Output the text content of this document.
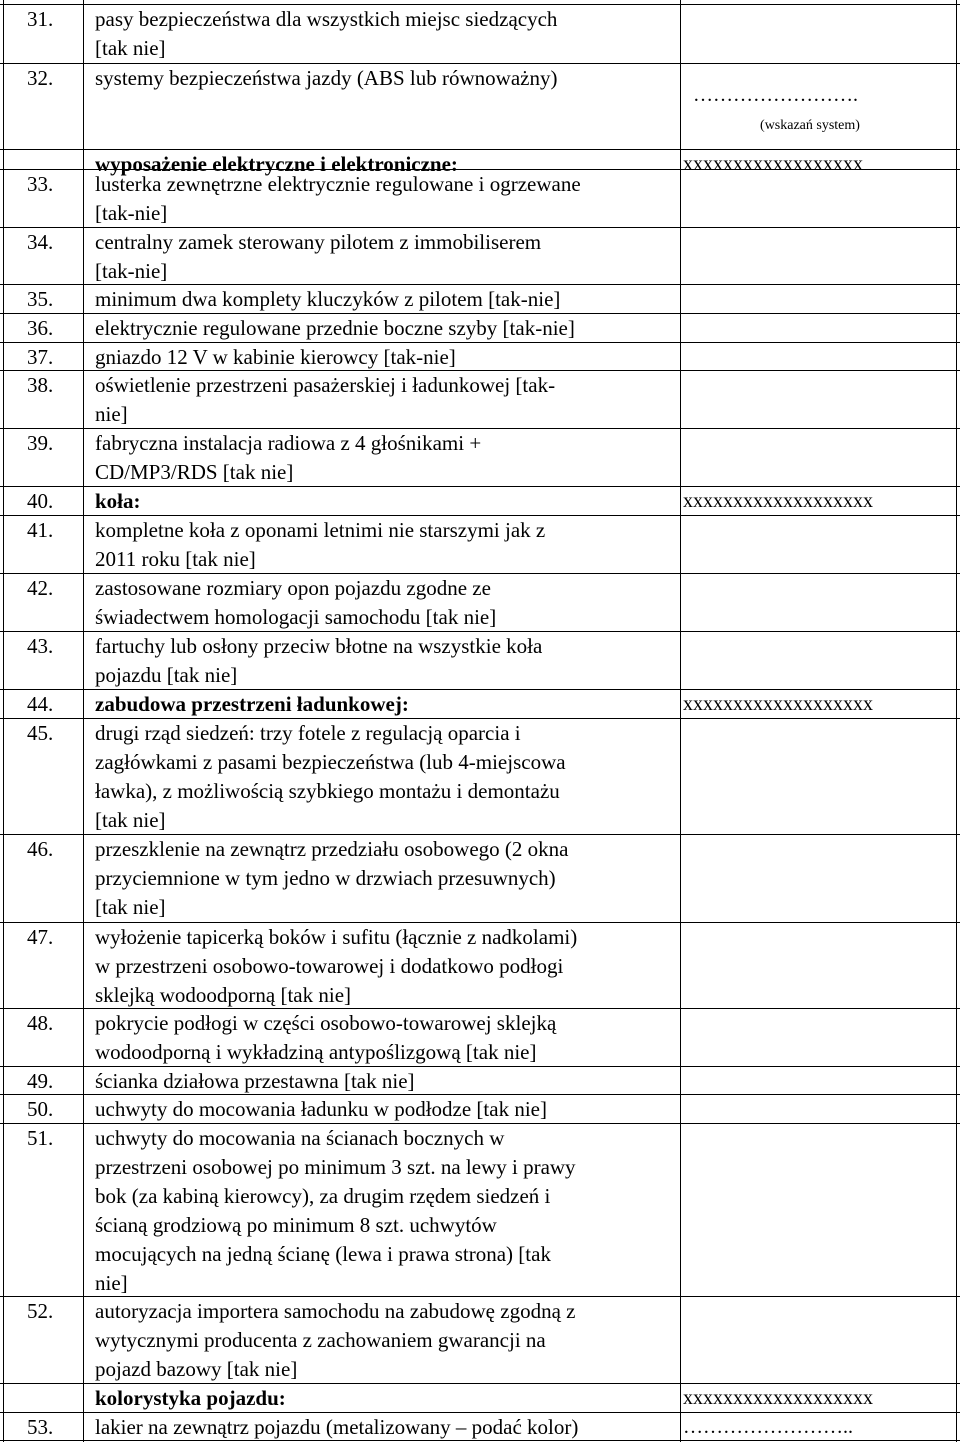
31. pasy bezpieczeństwa dla wszystkich miejsc siedzących
[tak nie]
32. systemy bezpieczeństwa jazdy (ABS lub równoważny)
…………………….
(wskazań system)
wyposażenie elektryczne i elektroniczne:	xxxxxxxxxxxxxxxxxx
33. lusterka zewnętrzne elektrycznie regulowane i ogrzewane
[tak-nie]
34. centralny zamek sterowany pilotem z immobiliserem
[tak-nie]
35. minimum dwa komplety kluczyków z pilotem [tak-nie]
36. elektrycznie regulowane przednie boczne szyby [tak-nie]
37. gniazdo 12 V w kabinie kierowcy [tak-nie]
38. oświetlenie przestrzeni pasażerskiej i ładunkowej [tak-
nie]
39. fabryczna instalacja radiowa z 4 głośnikami +
CD/MP3/RDS [tak nie]
40. koła:	xxxxxxxxxxxxxxxxxxx
41. kompletne koła z oponami letnimi nie starszymi jak z
2011 roku [tak nie]
42. zastosowane rozmiary opon pojazdu zgodne ze
świadectwem homologacji samochodu [tak nie]
43. fartuchy lub osłony przeciw błotne na wszystkie koła
pojazdu [tak nie]
44. zabudowa przestrzeni ładunkowej:	xxxxxxxxxxxxxxxxxxx
45. drugi rząd siedzeń: trzy fotele z regulacją oparcia i
zagłówkami z pasami bezpieczeństwa (lub 4-miejscowa
ławka), z możliwością szybkiego montażu i demontażu
[tak nie]
46. przeszklenie na zewnątrz przedziału osobowego (2 okna
przyciemnione w tym jedno w drzwiach przesuwnych)
[tak nie]
47. wyłożenie tapicerką boków i sufitu (łącznie z nadkolami)
w przestrzeni osobowo-towarowej i dodatkowo podłogi
sklejką wodoodporną [tak nie]
48. pokrycie podłogi w części osobowo-towarowej sklejką
wodoodporną i wykładziną antypoślizgową [tak nie]
49. ścianka działowa przestawna [tak nie]
50. uchwyty do mocowania ładunku w podłodze [tak nie]
51. uchwyty do mocowania na ścianach bocznych w
przestrzeni osobowej po minimum 3 szt. na lewy i prawy
bok (za kabiną kierowcy), za drugim rzędem siedzeń i
ścianą grodziową po minimum 8 szt. uchwytów
mocujących na jedną ścianę (lewa i prawa strona) [tak
nie]
52. autoryzacja importera samochodu na zabudowę zgodną z
wytycznymi producenta z zachowaniem gwarancji na
pojazd bazowy [tak nie]
kolorystyka pojazdu:	xxxxxxxxxxxxxxxxxxx
53. lakier na zewnątrz pojazdu (metalizowany – podać kolor)	……………………..
